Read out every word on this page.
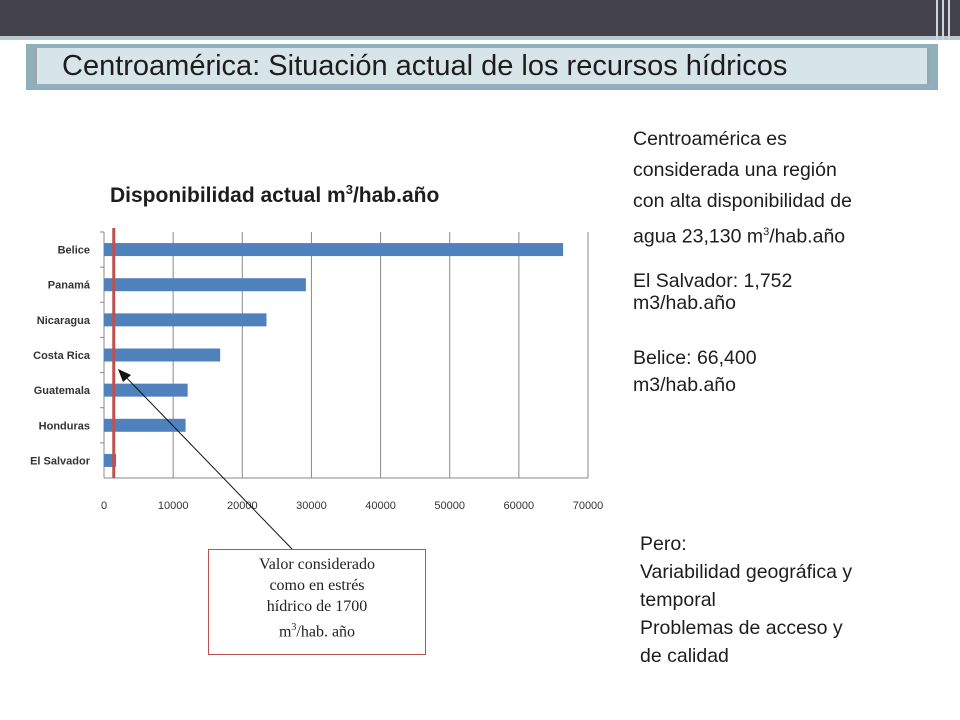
Centroamérica: Situación actual de los recursos hídricos
Disponibilidad actual $m^3/hab.año$
0	10000	20000	30000	40000	50000	60000	70000
Belice
Panamá
Nicaragua
Costa Rica
Guatemala
Honduras
El Salvador
Valor considerado
como en estrés
hídrico de 1700
$m^3$/hab. año
Centroamérica es
considerada una región
con alta disponibilidad de
agua 23,130 $m^3/hab.año$
El Salvador: 1,752
m3/hab.año
Belice: 66,400
m3/hab.año
Pero:
Variabilidad geográfica y
temporal
Problemas de acceso y
de calidad
